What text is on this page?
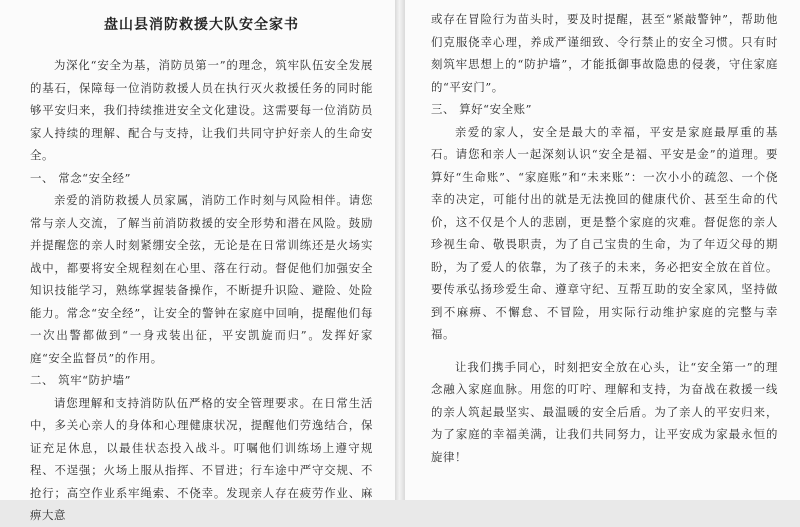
盘山县消防救援大队安全家书

为深化“安全为基，消防员第一”的理念，筑牢队伍安全发展的基石，保障每一位消防救援人员在执行灭火救援任务的同时能够平安归来，我们持续推进安全文化建设。这需要每一位消防员家人持续的理解、配合与支持，让我们共同守护好亲人的生命安全。

一、 常念“安全经”

亲爱的消防救援人员家属，消防工作时刻与风险相伴。请您常与亲人交流，了解当前消防救援的安全形势和潜在风险。鼓励并提醒您的亲人时刻紧绷安全弦，无论是在日常训练还是火场实战中，都要将安全规程刻在心里、落在行动。督促他们加强安全知识技能学习，熟练掌握装备操作，不断提升识险、避险、处险能力。常念“安全经”，让安全的警钟在家庭中回响，提醒他们每一次出警都做到“一身戎装出征，平安凯旋而归”。发挥好家庭“安全监督员”的作用。

二、 筑牢“防护墙”

请您理解和支持消防队伍严格的安全管理要求。在日常生活中，多关心亲人的身体和心理健康状况，提醒他们劳逸结合，保证充足休息，以最佳状态投入战斗。叮嘱他们训练场上遵守规程、不逞强；火场上服从指挥、不冒进；行车途中严守交规、不抢行；高空作业系牢绳索、不侥幸。发现亲人存在疲劳作业、麻痹大意

或存在冒险行为苗头时，要及时提醒，甚至“紧敲警钟”，帮助他们克服侥幸心理，养成严谨细致、令行禁止的安全习惯。只有时刻筑牢思想上的“防护墙”，才能抵御事故隐患的侵袭，守住家庭的“平安门”。

三、 算好“安全账”

亲爱的家人，安全是最大的幸福，平安是家庭最厚重的基石。请您和亲人一起深刻认识“安全是福、平安是金”的道理。要算好“生命账”、“家庭账”和“未来账”：一次小小的疏忽、一个侥幸的决定，可能付出的就是无法挽回的健康代价、甚至生命的代价，这不仅是个人的悲剧，更是整个家庭的灾难。督促您的亲人珍视生命、敬畏职责，为了自己宝贵的生命，为了年迈父母的期盼，为了爱人的依靠，为了孩子的未来，务必把安全放在首位。要传承弘扬珍爱生命、遵章守纪、互帮互助的安全家风，坚持做到不麻痹、不懈怠、不冒险，用实际行动维护家庭的完整与幸福。

让我们携手同心，时刻把安全放在心头，让“安全第一”的理念融入家庭血脉。用您的叮咛、理解和支持，为奋战在救援一线的亲人筑起最坚实、最温暖的安全后盾。为了亲人的平安归来，为了家庭的幸福美满，让我们共同努力，让平安成为家最永恒的旋律！
